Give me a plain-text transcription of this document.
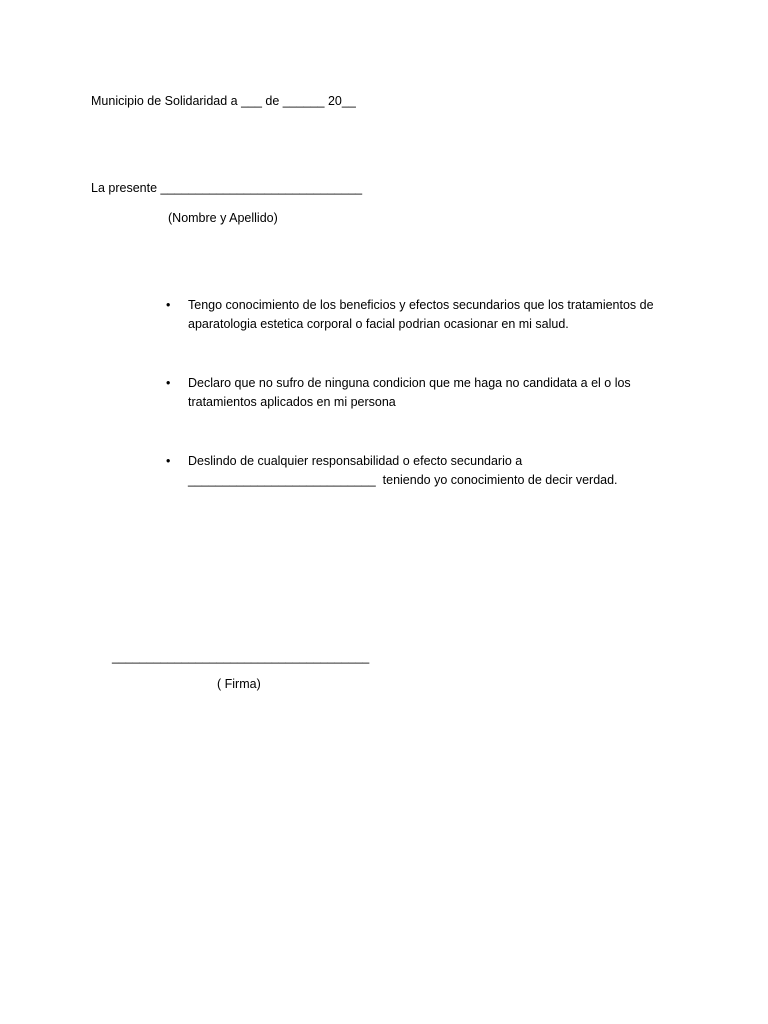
Municipio de Solidaridad a ___ de ______ 20__
La presente _____________________________
(Nombre y Apellido)
•	Tengo conocimiento de los beneficios y efectos secundarios que los tratamientos de
aparatologia estetica corporal o facial podrian ocasionar en mi salud.
•	Declaro que no sufro de ninguna condicion que me haga no candidata a el o los
tratamientos aplicados en mi persona
•	Deslindo de cualquier responsabilidad o efecto secundario a
___________________________  teniendo yo conocimiento de decir verdad.
_____________________________________
( Firma)
